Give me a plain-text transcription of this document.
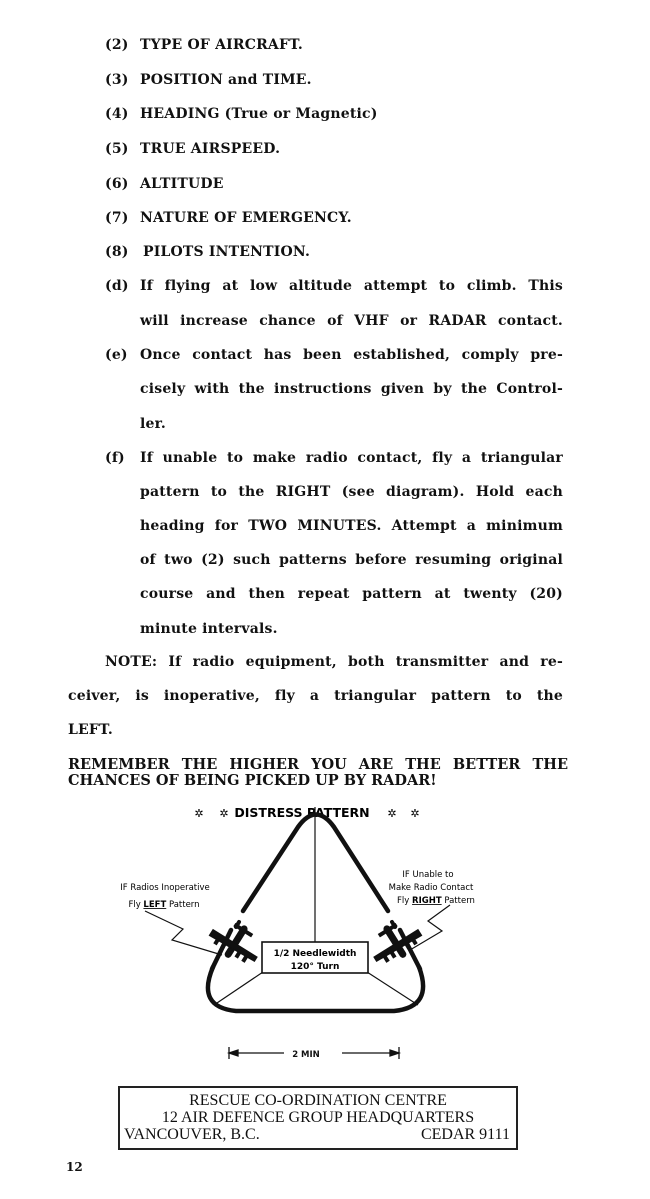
(2) TYPE OF AIRCRAFT.
(3) POSITION and TIME.
(4) HEADING (True or Magnetic)
(5) TRUE AIRSPEED.
(6) ALTITUDE
(7) NATURE OF EMERGENCY.
(8) PILOTS INTENTION.
(d) If flying at low altitude attempt to climb. This
will increase chance of VHF or RADAR contact.
(e) Once contact has been established, comply pre-
cisely with the instructions given by the Control-
ler.
(f) If unable to make radio contact, fly a triangular
pattern to the RIGHT (see diagram). Hold each
heading for TWO MINUTES. Attempt a minimum
of two (2) such patterns before resuming original
course and then repeat pattern at twenty (20)
minute intervals.
NOTE: If radio equipment, both transmitter and re-
ceiver, is inoperative, fly a triangular pattern to the
LEFT.
REMEMBER THE HIGHER YOU ARE THE BETTER THE
CHANCES OF BEING PICKED UP BY RADAR!
✲ ✲ DISTRESS PATTERN ✲ ✲
1/2 Needlewidth
120° Turn
IF Radios Inoperative
Fly LEFT Pattern
IF Unable to
Make Radio Contact
Fly RIGHT Pattern
2 MIN
RESCUE CO-ORDINATION CENTRE
12 AIR DEFENCE GROUP HEADQUARTERS
VANCOUVER, B.C.	CEDAR 9111
12
